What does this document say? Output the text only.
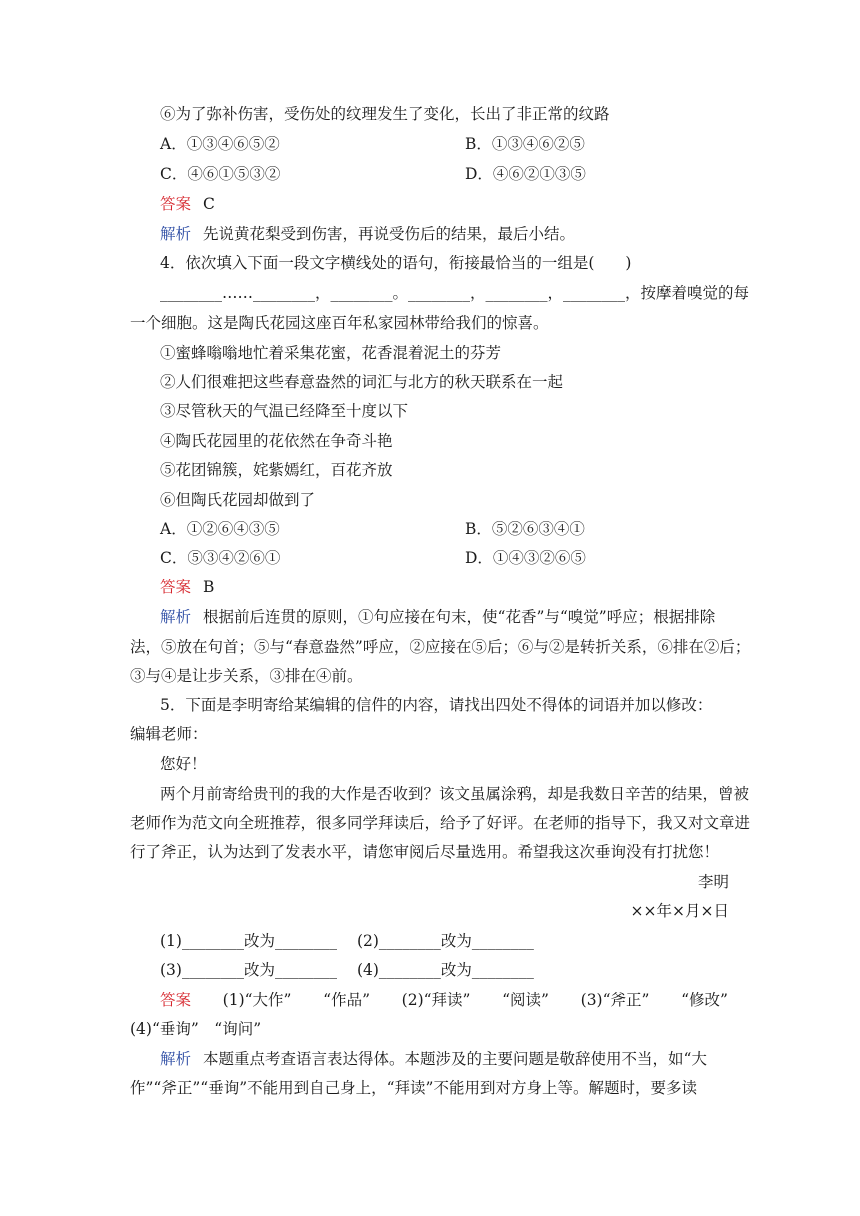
⑥为了弥补伤害，受伤处的纹理发生了变化，长出了非正常的纹路
A．①③④⑥⑤②	B．①③④⑥②⑤
C．④⑥①⑤③②	D．④⑥②①③⑤
答案 C
解析 先说黄花梨受到伤害，再说受伤后的结果，最后小结。
4．依次填入下面一段文字横线处的语句，衔接最恰当的一组是(　　)
________……________，________。________，________，________，按摩着嗅觉的每
一个细胞。这是陶氏花园这座百年私家园林带给我们的惊喜。
①蜜蜂嗡嗡地忙着采集花蜜，花香混着泥土的芬芳
②人们很难把这些春意盎然的词汇与北方的秋天联系在一起
③尽管秋天的气温已经降至十度以下
④陶氏花园里的花依然在争奇斗艳
⑤花团锦簇，姹紫嫣红，百花齐放
⑥但陶氏花园却做到了
A．①②⑥④③⑤	B．⑤②⑥③④①
C．⑤③④②⑥①	D．①④③②⑥⑤
答案 B
解析 根据前后连贯的原则，①句应接在句末，使“花香”与“嗅觉”呼应；根据排除
法，⑤放在句首；⑤与“春意盎然”呼应，②应接在⑤后；⑥与②是转折关系，⑥排在②后；
③与④是让步关系，③排在④前。
5．下面是李明寄给某编辑的信件的内容，请找出四处不得体的词语并加以修改：
编辑老师：
您好！
两个月前寄给贵刊的我的大作是否收到？该文虽属涂鸦，却是我数日辛苦的结果，曾被
老师作为范文向全班推荐，很多同学拜读后，给予了好评。在老师的指导下，我又对文章进
行了斧正，认为达到了发表水平，请您审阅后尽量选用。希望我这次垂询没有打扰您！
李明
××年×月×日
(1)________改为________ (2)________改为________
(3)________改为________ (4)________改为________
答案 (1)“大作” “作品” (2)“拜读” “阅读” (3)“斧正” “修改”
(4)“垂询”　“询问”
解析 本题重点考查语言表达得体。本题涉及的主要问题是敬辞使用不当，如“大
作”“斧正”“垂询”不能用到自己身上，“拜读”不能用到对方身上等。解题时，要多读
